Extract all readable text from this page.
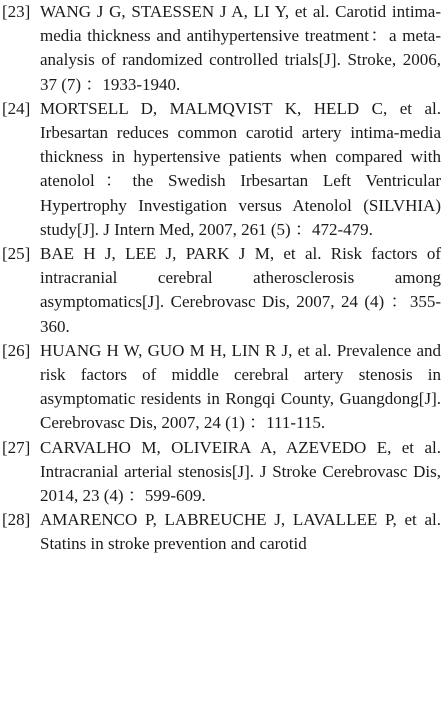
[23] WANG J G, STAESSEN J A, LI Y, et al. Carotid intima-media thickness and antihypertensive treatment：a meta-analysis of randomized controlled trials[J]. Stroke, 2006, 37 (7) ：1933-1940.
[24] MORTSELL D, MALMQVIST K, HELD C, et al. Irbesartan reduces common carotid artery intima-media thickness in hypertensive patients when compared with atenolol：the Swedish Irbesartan Left Ventricular Hypertrophy Investigation versus Atenolol (SILVHIA) study[J]. J Intern Med, 2007, 261 (5) ：472-479.
[25] BAE H J, LEE J, PARK J M, et al. Risk factors of intracranial cerebral atherosclerosis among asymptomatics[J]. Cerebrovasc Dis, 2007, 24 (4) ：355-360.
[26] HUANG H W, GUO M H, LIN R J, et al. Prevalence and risk factors of middle cerebral artery stenosis in asymptomatic residents in Rongqi County, Guangdong[J]. Cerebrovasc Dis, 2007, 24 (1) ：111-115.
[27] CARVALHO M, OLIVEIRA A, AZEVEDO E, et al. Intracranial arterial stenosis[J]. J Stroke Cerebrovasc Dis, 2014, 23 (4) ：599-609.
[28] AMARENCO P, LABREUCHE J, LAVALLEE P, et al. Statins in stroke prevention and carotid
